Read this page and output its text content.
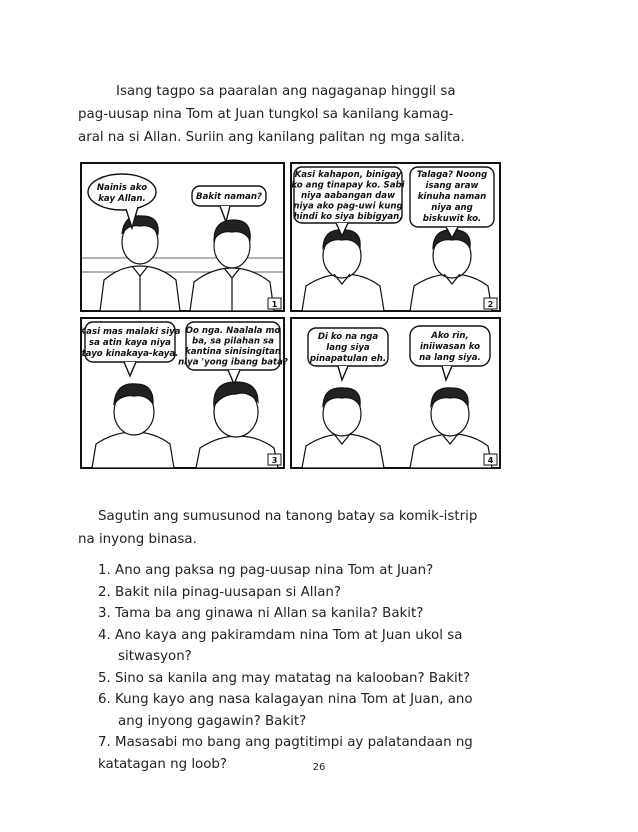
Isang tagpo sa paaralan ang nagaganap hinggil sa
pag-uusap nina Tom at Juan tungkol sa kanilang kamag-
aral na si Allan. Suriin ang kanilang palitan ng mga salita.
Nainis ako
kay Allan.	Bakit naman?
1
Kasi kahapon, binigay
ko ang tinapay ko. Sabi
niya aabangan daw
niya ako pag-uwi kung
hindi ko siya bibigyan.
Talaga? Noong
isang araw
kinuha naman
niya ang
biskuwit ko.
2
Kasi mas malaki siya
sa atin kaya niya
tayo kinakaya-kaya.
Oo nga. Naalala mo
ba, sa pilahan sa
kantina sinisingitan
niya 'yong ibang bata?
3
Di ko na nga
lang siya
pinapatulan eh.
Ako rin,
iniiwasan ko
na lang siya.
4
Sagutin ang sumusunod na tanong batay sa komik-istrip
na inyong binasa.
1. Ano ang paksa ng pag-uusap nina Tom at Juan?
2. Bakit nila pinag-uusapan si Allan?
3. Tama ba ang ginawa ni Allan sa kanila? Bakit?
4. Ano kaya ang pakiramdam nina Tom at Juan ukol sa
sitwasyon?
5. Sino sa kanila ang may matatag na kalooban? Bakit?
6. Kung kayo ang nasa kalagayan nina Tom at Juan, ano
ang inyong gagawin? Bakit?
7. Masasabi mo bang ang pagtitimpi ay palatandaan ng
katatagan ng loob?	26
